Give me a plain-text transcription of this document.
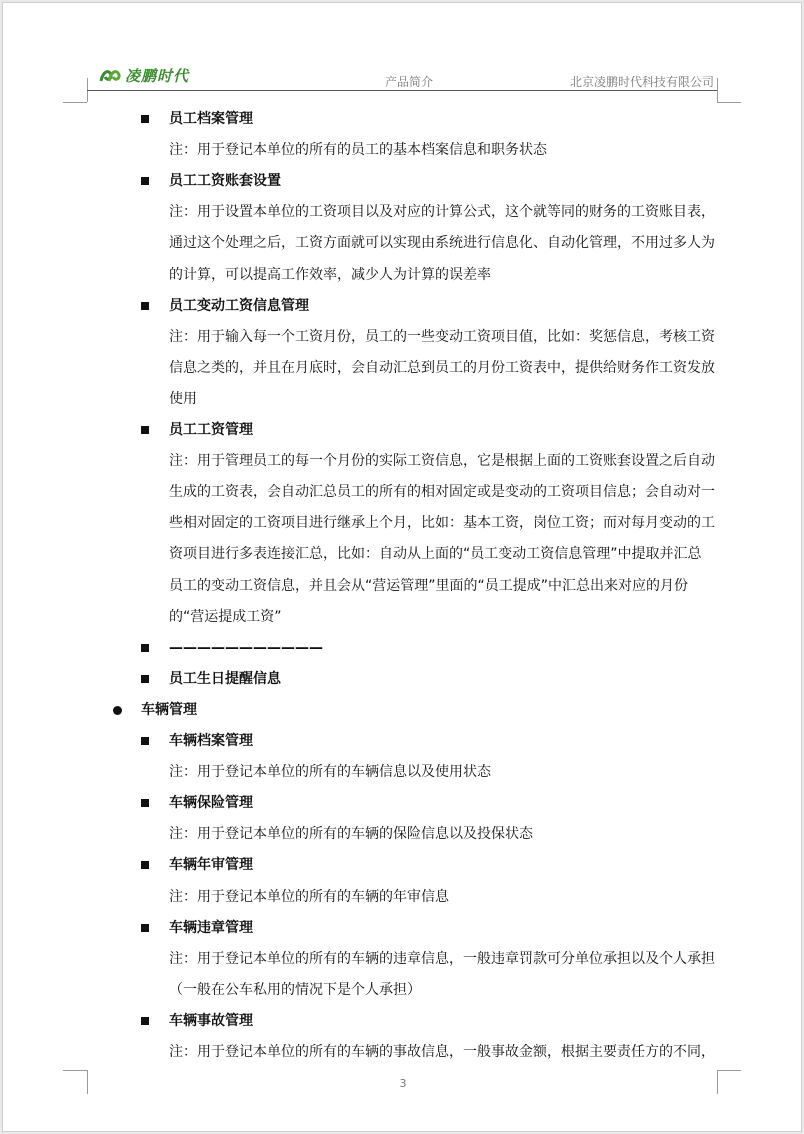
凌鹏时代	产品简介	北京凌鹏时代科技有限公司
员工档案管理
注：用于登记本单位的所有的员工的基本档案信息和职务状态
员工工资账套设置
注：用于设置本单位的工资项目以及对应的计算公式，这个就等同的财务的工资账目表，
通过这个处理之后，工资方面就可以实现由系统进行信息化、自动化管理，不用过多人为
的计算，可以提高工作效率，减少人为计算的误差率
员工变动工资信息管理
注：用于输入每一个工资月份，员工的一些变动工资项目值，比如：奖惩信息，考核工资
信息之类的，并且在月底时，会自动汇总到员工的月份工资表中，提供给财务作工资发放
使用
员工工资管理
注：用于管理员工的每一个月份的实际工资信息，它是根据上面的工资账套设置之后自动
生成的工资表，会自动汇总员工的所有的相对固定或是变动的工资项目信息；会自动对一
些相对固定的工资项目进行继承上个月，比如：基本工资，岗位工资；而对每月变动的工
资项目进行多表连接汇总，比如：自动从上面的“员工变动工资信息管理”中提取并汇总
员工的变动工资信息，并且会从“营运管理”里面的“员工提成”中汇总出来对应的月份
的“营运提成工资”
———————————
员工生日提醒信息
车辆管理
车辆档案管理
注：用于登记本单位的所有的车辆信息以及使用状态
车辆保险管理
注：用于登记本单位的所有的车辆的保险信息以及投保状态
车辆年审管理
注：用于登记本单位的所有的车辆的年审信息
车辆违章管理
注：用于登记本单位的所有的车辆的违章信息，一般违章罚款可分单位承担以及个人承担
（一般在公车私用的情况下是个人承担）
车辆事故管理
注：用于登记本单位的所有的车辆的事故信息，一般事故金额，根据主要责任方的不同，
3
